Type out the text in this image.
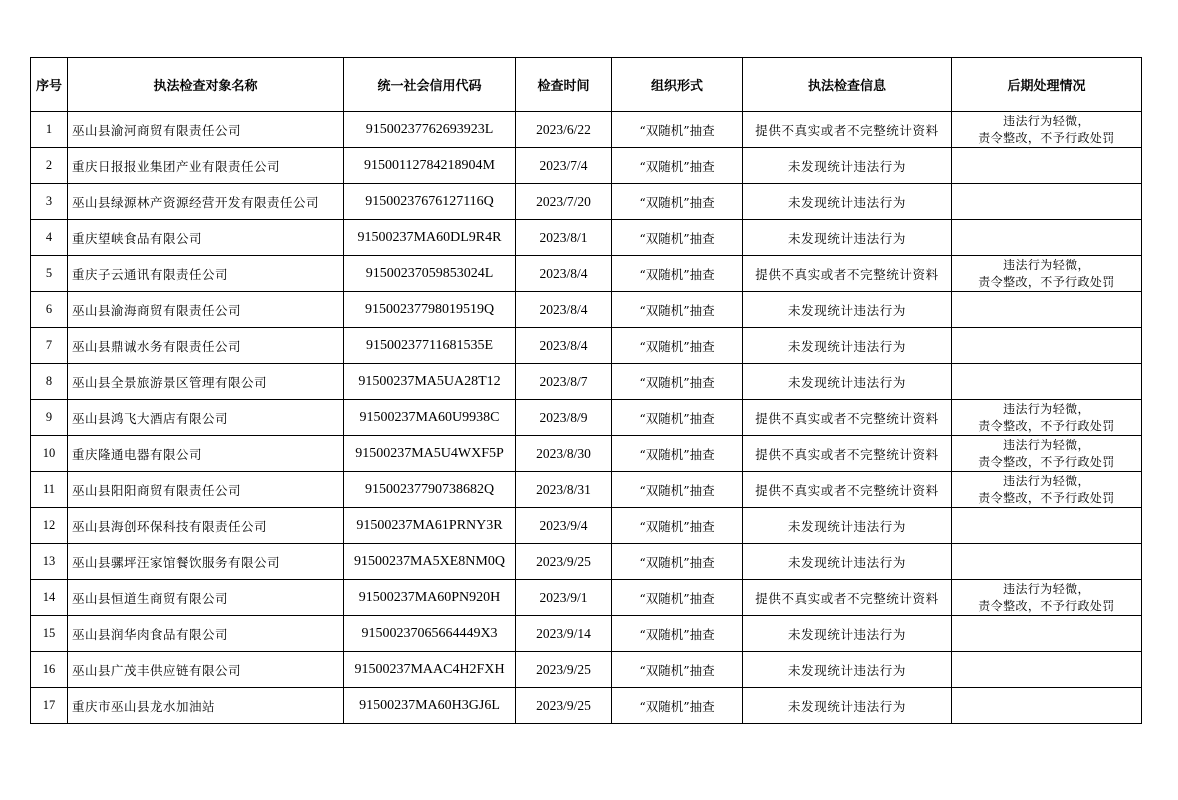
序号	执法检查对象名称	统一社会信用代码	检查时间	组织形式	执法检查信息	后期处理情况
1	巫山县渝河商贸有限责任公司	91500237762693923L	2023/6/22	“双随机”抽查	提供不真实或者不完整统计资料	违法行为轻微，
责令整改，不予行政处罚

2	重庆日报报业集团产业有限责任公司	91500112784218904M	2023/7/4	“双随机”抽查	未发现统计违法行为	
3	巫山县绿源林产资源经营开发有限责任公司	91500237676127116Q	2023/7/20	“双随机”抽查	未发现统计违法行为	
4	重庆望峡食品有限公司	91500237MA60DL9R4R	2023/8/1	“双随机”抽查	未发现统计违法行为	
5	重庆子云通讯有限责任公司	91500237059853024L	2023/8/4	“双随机”抽查	提供不真实或者不完整统计资料	违法行为轻微，
责令整改，不予行政处罚

6	巫山县渝海商贸有限责任公司	91500237798019519Q	2023/8/4	“双随机”抽查	未发现统计违法行为	
7	巫山县鼎诚水务有限责任公司	91500237711681535E	2023/8/4	“双随机”抽查	未发现统计违法行为	
8	巫山县全景旅游景区管理有限公司	91500237MA5UA28T12	2023/8/7	“双随机”抽查	未发现统计违法行为	
9	巫山县鸿飞大酒店有限公司	91500237MA60U9938C	2023/8/9	“双随机”抽查	提供不真实或者不完整统计资料	违法行为轻微，
责令整改，不予行政处罚

10	重庆隆通电器有限公司	91500237MA5U4WXF5P	2023/8/30	“双随机”抽查	提供不真实或者不完整统计资料	违法行为轻微，
责令整改，不予行政处罚

11	巫山县阳阳商贸有限责任公司	91500237790738682Q	2023/8/31	“双随机”抽查	提供不真实或者不完整统计资料	违法行为轻微，
责令整改，不予行政处罚

12	巫山县海创环保科技有限责任公司	91500237MA61PRNY3R	2023/9/4	“双随机”抽查	未发现统计违法行为	
13	巫山县骡坪汪家馆餐饮服务有限公司	91500237MA5XE8NM0Q	2023/9/25	“双随机”抽查	未发现统计违法行为	
14	巫山县恒道生商贸有限公司	91500237MA60PN920H	2023/9/1	“双随机”抽查	提供不真实或者不完整统计资料	违法行为轻微，
责令整改，不予行政处罚

15	巫山县润华肉食品有限公司	91500237065664449X3	2023/9/14	“双随机”抽查	未发现统计违法行为	
16	巫山县广茂丰供应链有限公司	91500237MAAC4H2FXH	2023/9/25	“双随机”抽查	未发现统计违法行为	
17	重庆市巫山县龙水加油站	91500237MA60H3GJ6L	2023/9/25	“双随机”抽查	未发现统计违法行为	
